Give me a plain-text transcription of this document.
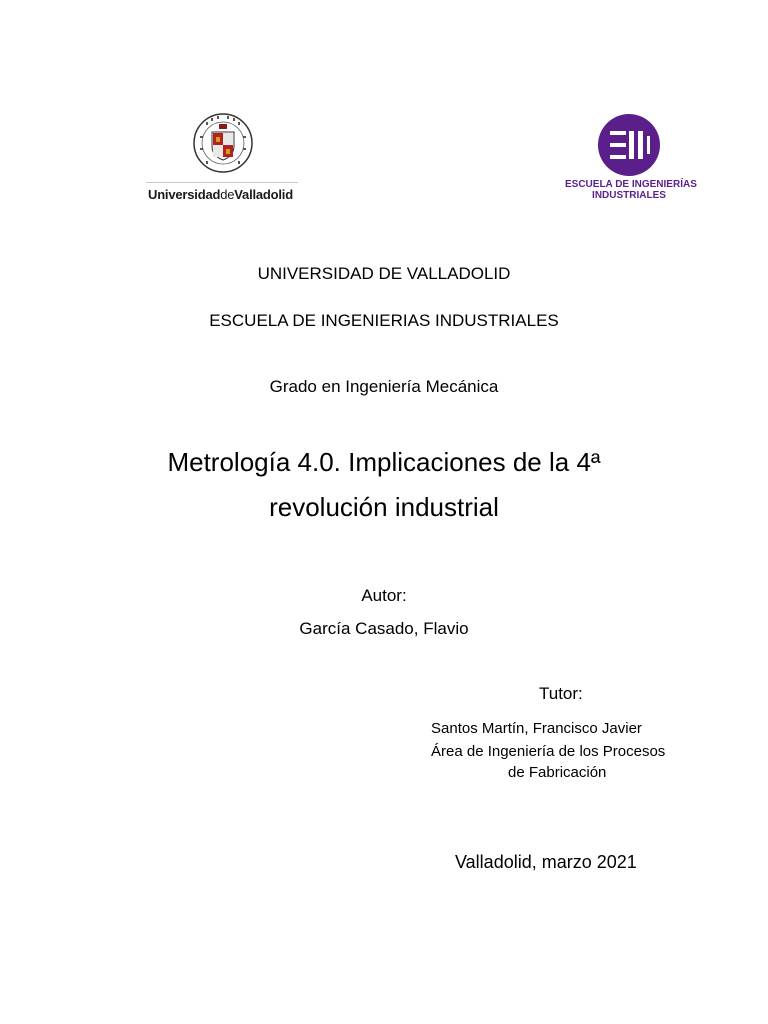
UniversidaddeValladolid
ESCUELA DE INGENIERÍAS
INDUSTRIALES
UNIVERSIDAD DE VALLADOLID
ESCUELA DE INGENIERIAS INDUSTRIALES
Grado en Ingeniería Mecánica
Metrología 4.0. Implicaciones de la 4ª
revolución industrial
Autor:
García Casado, Flavio
Tutor:
Santos Martín, Francisco Javier
Área de Ingeniería de los Procesos
de Fabricación
Valladolid, marzo 2021
